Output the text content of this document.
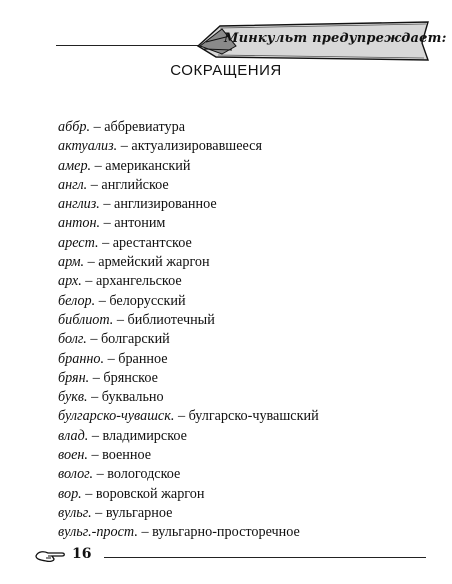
Минкульт предупреждает:
СОКРАЩЕНИЯ
аббр. – аббревиатура
актуализ. – актуализировавшееся
амер. – американский
англ. – английское
англиз. – англизированное
антон. – антоним
арест. – арестантское
арм. – армейский жаргон
арх. – архангельское
белор. – белорусский
библиот. – библиотечный
болг. – болгарский
бранно. – бранное
брян. – брянское
букв. – буквально
булгарско-чувашск. – булгарско-чувашский
влад. – владимирское
воен. – военное
волог. – вологодское
вор. – воровской жаргон
вульг. – вульгарное
вульг.-прост. – вульгарно-просторечное
16
